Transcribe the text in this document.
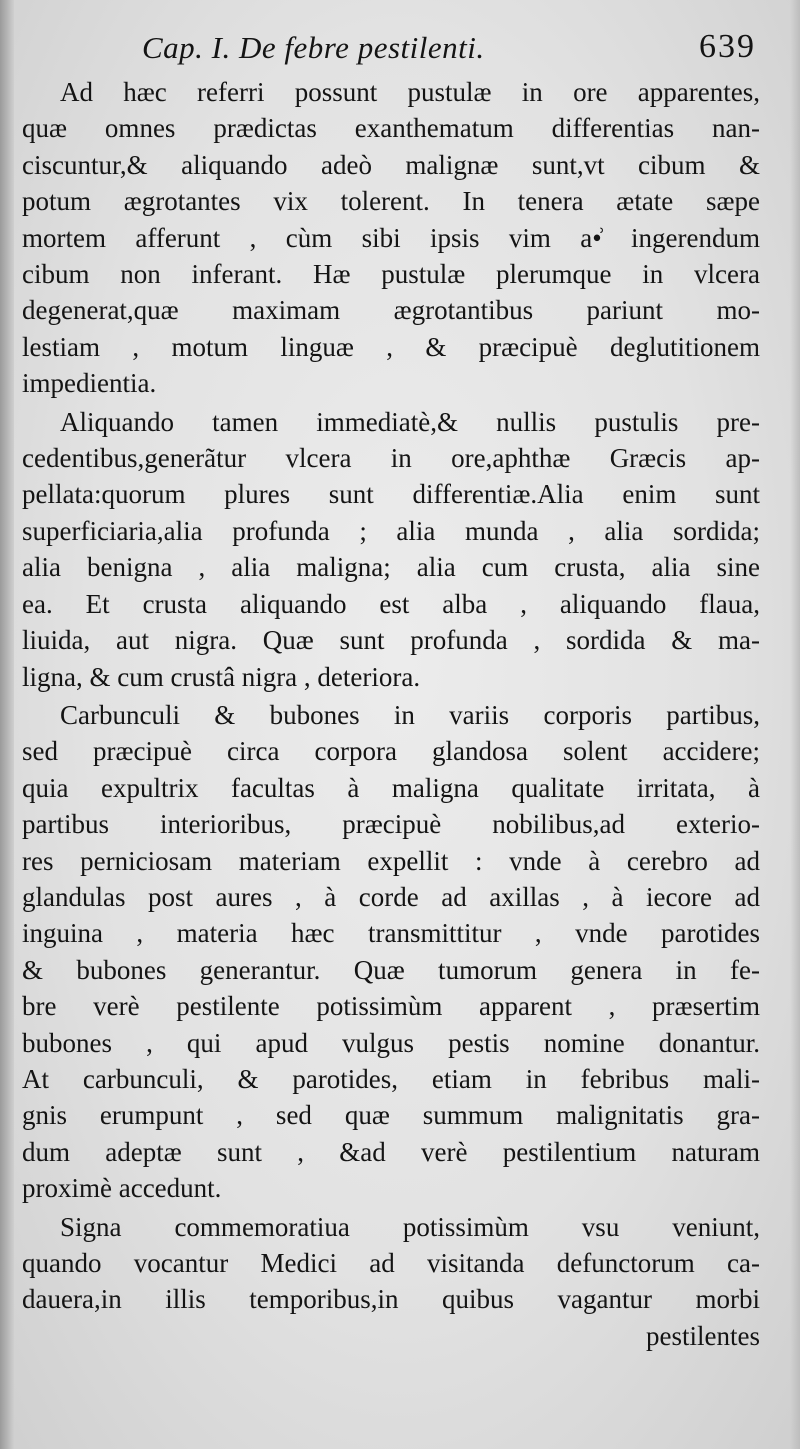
Cap. I. De febre pestilenti.	639
Ad hæc referri possunt pustulæ in ore apparentes,
quæ omnes prædictas exanthematum differentias nan-
ciscuntur,& aliquando adeò malignæ sunt,vt cibum &
potum ægrotantes vix tolerent. In tenera ætate sæpe
mortem afferunt , cùm sibi ipsis vim a•͗ ingerendum
cibum non inferant. Hæ pustulæ plerumque in vlcera
degenerat,quæ maximam ægrotantibus pariunt mo-
lestiam , motum linguæ , & præcipuè deglutitionem
impedientia.
Aliquando tamen immediatè,& nullis pustulis pre-
cedentibus,generãtur vlcera in ore,aphthæ Græcis ap-
pellata:quorum plures sunt differentiæ.Alia enim sunt
superficiaria,alia profunda ; alia munda , alia sordida;
alia benigna , alia maligna; alia cum crusta, alia sine
ea. Et crusta aliquando est alba , aliquando flaua,
liuida, aut nigra. Quæ sunt profunda , sordida & ma-
ligna, & cum crustâ nigra , deteriora.
Carbunculi & bubones in variis corporis partibus,
sed præcipuè circa corpora glandosa solent accidere;
quia expultrix facultas à maligna qualitate irritata, à
partibus interioribus, præcipuè nobilibus,ad exterio-
res perniciosam materiam expellit : vnde à cerebro ad
glandulas post aures , à corde ad axillas , à iecore ad
inguina , materia hæc transmittitur , vnde parotides
& bubones generantur. Quæ tumorum genera in fe-
bre verè pestilente potissimùm apparent , præsertim
bubones , qui apud vulgus pestis nomine donantur.
At carbunculi, & parotides, etiam in febribus mali-
gnis erumpunt , sed quæ summum malignitatis gra-
dum adeptæ sunt , &ad verè pestilentium naturam
proximè accedunt.
Signa commemoratiua potissimùm vsu veniunt,
quando vocantur Medici ad visitanda defunctorum ca-
dauera,in illis temporibus,in quibus vagantur morbi
pestilentes
